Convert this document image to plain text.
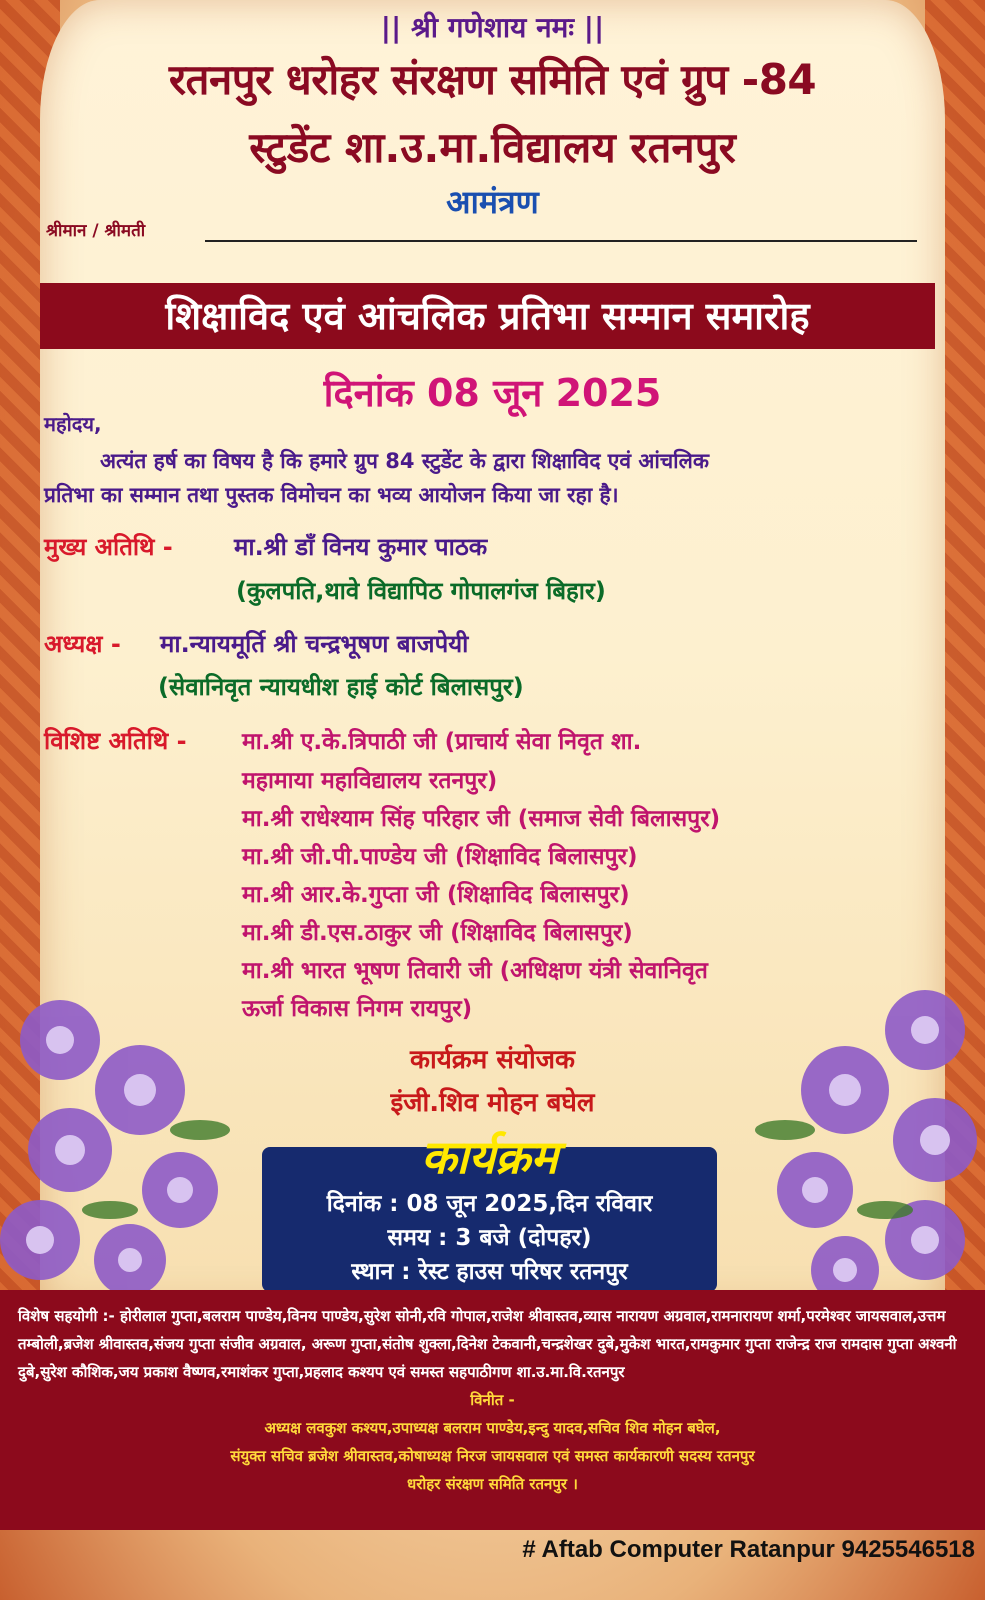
|| श्री गणेशाय नमः ||
रतनपुर धरोहर संरक्षण समिति एवं ग्रुप -84
स्टुडेंट शा.उ.मा.विद्यालय रतनपुर
आमंत्रण
श्रीमान / श्रीमती
शिक्षाविद एवं आंचलिक प्रतिभा सम्मान समारोह
दिनांक 08 जून 2025
महोदय,
अत्यंत हर्ष का विषय है कि हमारे ग्रुप 84 स्टुडेंट के द्वारा शिक्षाविद एवं आंचलिक
प्रतिभा का सम्मान तथा पुस्तक विमोचन का भव्य आयोजन किया जा रहा है।
मुख्य अतिथि -	मा.श्री डाँ विनय कुमार पाठक
(कुलपति,थावे विद्यापिठ गोपालगंज बिहार)
अध्यक्ष - मा.न्यायमूर्ति श्री चन्द्रभूषण बाजपेयी
(सेवानिवृत न्यायधीश हाई कोर्ट बिलासपुर)
विशिष्ट अतिथि - मा.श्री ए.के.त्रिपाठी जी (प्राचार्य सेवा निवृत शा.
महामाया महाविद्यालय रतनपुर)
मा.श्री राधेश्याम सिंह परिहार जी (समाज सेवी बिलासपुर)
मा.श्री जी.पी.पाण्डेय जी (शिक्षाविद बिलासपुर)
मा.श्री आर.के.गुप्ता जी (शिक्षाविद बिलासपुर)
मा.श्री डी.एस.ठाकुर जी (शिक्षाविद बिलासपुर)
मा.श्री भारत भूषण तिवारी जी (अधिक्षण यंत्री सेवानिवृत
ऊर्जा विकास निगम रायपुर)
कार्यक्रम संयोजक
इंजी.शिव मोहन बघेल
कार्यक्रम
दिनांक : 08 जून 2025,दिन रविवार
समय : 3 बजे (दोपहर)
स्थान : रेस्ट हाउस परिषर रतनपुर
विशेष सहयोगी :- होरीलाल गुप्ता,बलराम पाण्डेय,विनय पाण्डेय,सुरेश सोनी,रवि गोपाल,राजेश श्रीवास्तव,व्यास नारायण अग्रवाल,रामनारायण शर्मा,परमेश्वर जायसवाल,उत्तम तम्बोली,ब्रजेश श्रीवास्तव,संजय गुप्ता संजीव अग्रवाल, अरूण गुप्ता,संतोष शुक्ला,दिनेश टेकवानी,चन्द्रशेखर दुबे,मुकेश भारत,रामकुमार गुप्ता राजेन्द्र राज रामदास गुप्ता अश्वनी दुबे,सुरेश कौशिक,जय प्रकाश वैष्णव,रमाशंकर गुप्ता,प्रहलाद कश्यप एवं समस्त सहपाठीगण शा.उ.मा.वि.रतनपुर
विनीत -
अध्यक्ष लवकुश कश्यप,उपाध्यक्ष बलराम पाण्डेय,इन्दु यादव,सचिव शिव मोहन बघेल,
संयुक्त सचिव ब्रजेश श्रीवास्तव,कोषाध्यक्ष निरज जायसवाल एवं समस्त कार्यकारणी सदस्य रतनपुर
धरोहर संरक्षण समिति रतनपुर ।
# Aftab Computer Ratanpur 9425546518
